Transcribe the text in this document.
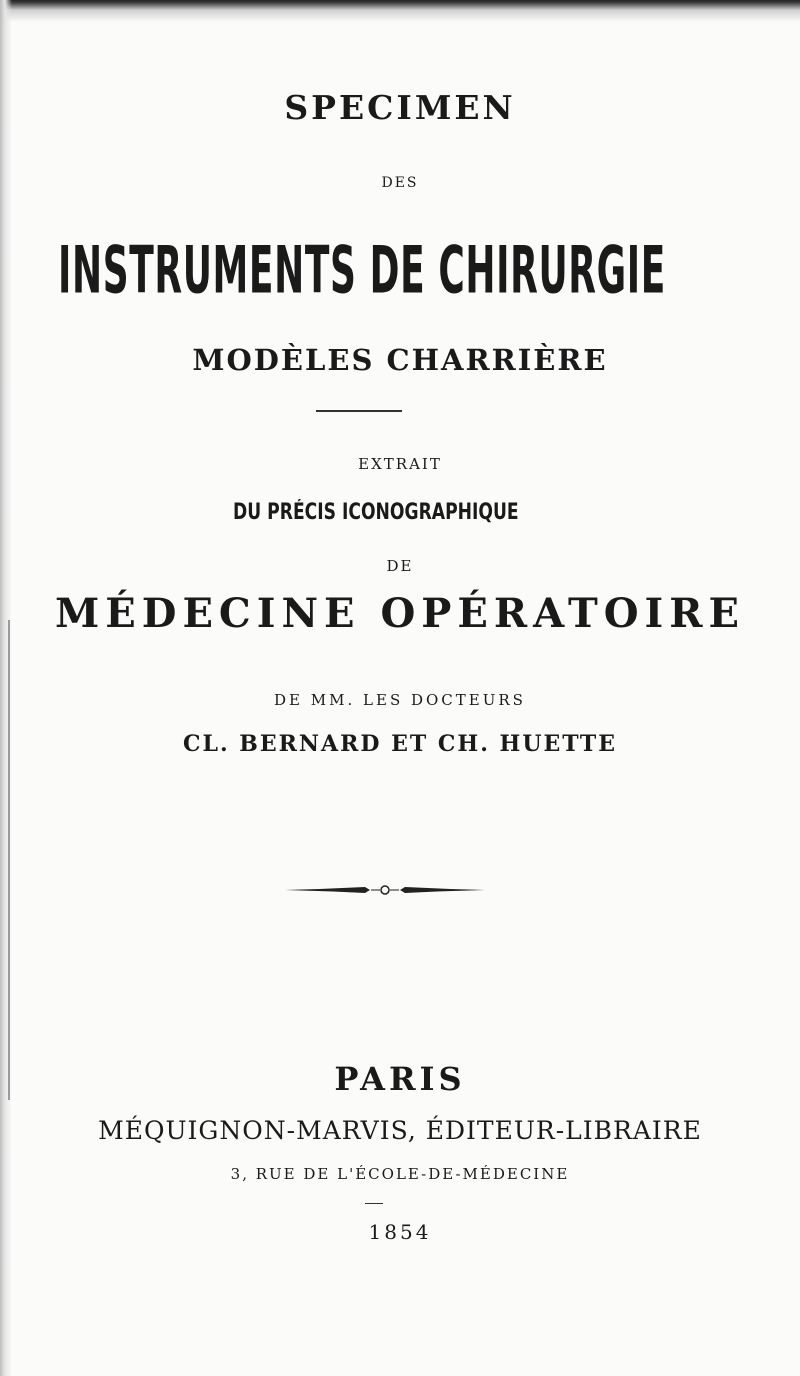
SPECIMEN
DES
INSTRUMENTS DE CHIRURGIE
MODÈLES CHARRIÈRE
EXTRAIT
DU PRÉCIS ICONOGRAPHIQUE
DE
MÉDECINE OPÉRATOIRE
DE MM. LES DOCTEURS
CL. BERNARD ET CH. HUETTE
PARIS
MÉQUIGNON-MARVIS, ÉDITEUR-LIBRAIRE
3, RUE DE L'ÉCOLE-DE-MÉDECINE
1854
